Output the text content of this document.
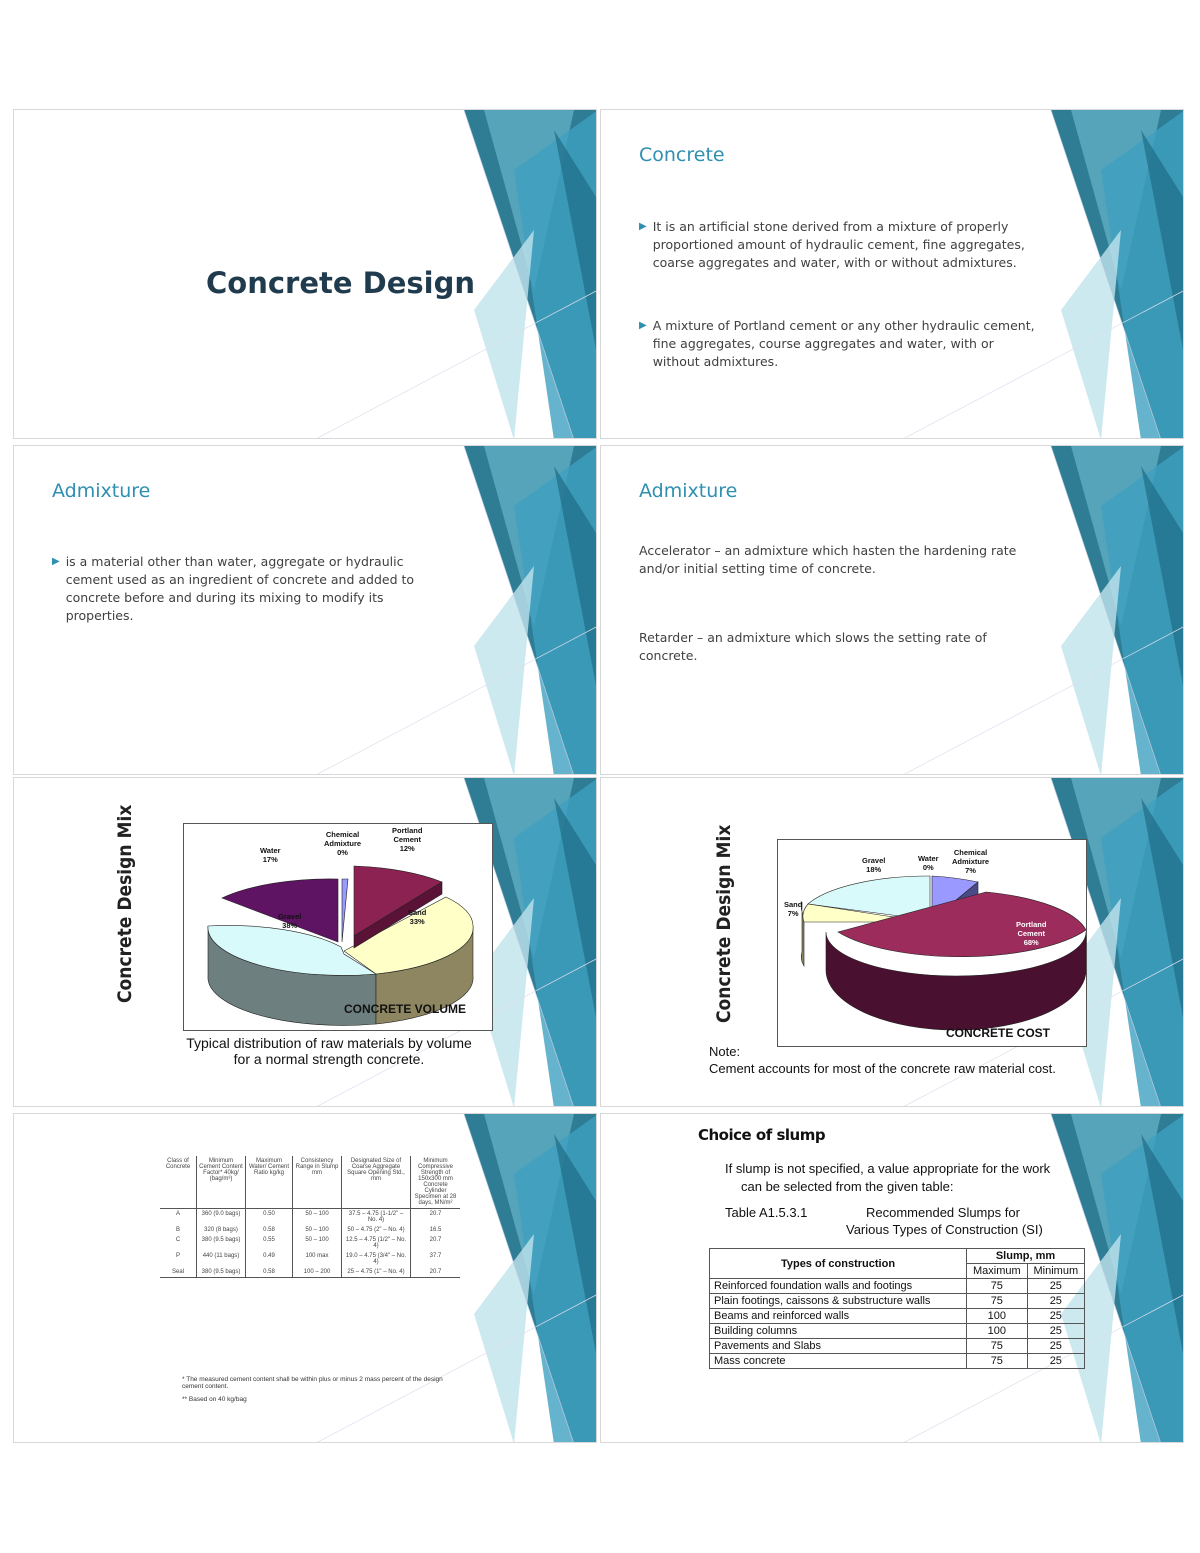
Concrete Design
Concrete
▶ It is an artificial stone derived from a mixture of properly proportioned amount of hydraulic cement, fine aggregates, coarse aggregates and water, with or without admixtures.
▶ A mixture of Portland cement or any other hydraulic cement, fine aggregates, course aggregates and water, with or without admixtures.
Admixture
▶ is a material other than water, aggregate or hydraulic cement used as an ingredient of concrete and added to concrete before and during its mixing to modify its properties.
Admixture
Accelerator – an admixture which hasten the hardening rate and/or initial setting time of concrete.
Retarder – an admixture which slows the setting rate of concrete.
Concrete Design Mix	Water
17%
Chemical
Admixture
0%
Portland
Cement
12%
Gravel
38%
Sand
33%
CONCRETE VOLUME
Typical distribution of raw materials by volume
for a normal strength concrete.
Concrete Design Mix	Gravel
18%
Water
0%
Chemical
Admixture
7%
Sand
7%
Portland
Cement
68%
CONCRETE COST
Note:
Cement accounts for most of the concrete raw material cost.
Class of Concrete	Minimum Cement Content Factor* 40kg/ (bag/m³)	Maximum Water/ Cement Ratio kg/kg	Consistency Range in Slump mm	Designated Size of Coarse Aggregate Square Opening Std., mm	Minimum Compressive Strength of 150x300 mm Concrete Cylinder Specimen at 28 days, MN/m²
A	360 (9.0 bags)	0.50	50 – 100	37.5 – 4.75 (1-1/2" – No. 4)	20.7
B	320 (8 bags)	0.58	50 – 100	50 – 4.75 (2" – No. 4)	16.5
C	380 (9.5 bags)	0.55	50 – 100	12.5 – 4.75 (1/2" – No. 4)	20.7
P	440 (11 bags)	0.49	100 max	19.0 – 4.75 (3/4" – No. 4)	37.7
Seal	380 (9.5 bags)	0.58	100 – 200	25 – 4.75 (1" – No. 4)	20.7
* The measured cement content shall be within plus or minus 2 mass percent of the design cement content.
** Based on 40 kg/bag
Choice of slump
If slump is not specified, a value appropriate for the work
can be selected from the given table:
Table A1.5.3.1	Recommended Slumps for
Various Types of Construction (SI)
Types of construction	Slump, mm	
	Maximum	Minimum
Reinforced foundation walls and footings	75	25
Plain footings, caissons & substructure walls	75	25
Beams and reinforced walls	100	25
Building columns	100	25
Pavements and Slabs	75	25
Mass concrete	75	25
